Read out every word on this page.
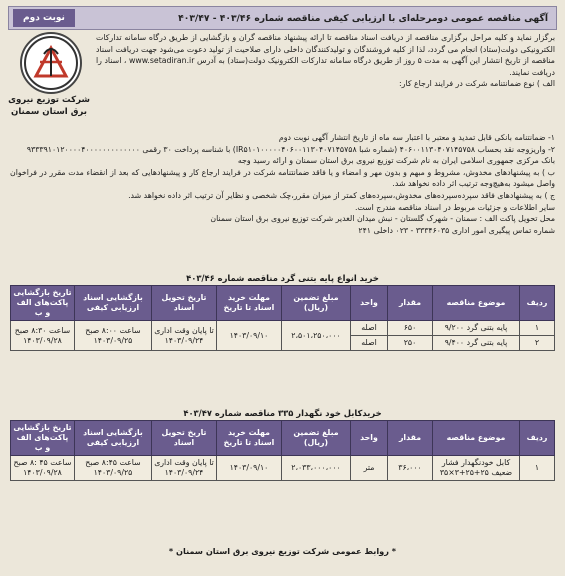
آگهی مناقصه عمومی دومرحله‌ای با ارزیابی کیفی مناقصه شماره ۴۰۳/۴۶ - ۴۰۳/۴۷
نوبت دوم
شرکت توزیع نیروی برق استان سمنان

برگزار نماید و کلیه مراحل برگزاری مناقصه از دریافت اسناد مناقصه تا ارائه پیشنهاد مناقصه گران و بازگشایی از طریق درگاه سامانه تدارکات الکترونیکی دولت(ستاد) انجام می گردد، لذا از کلیه فروشندگان و تولیدکنندگان داخلی دارای صلاحیت از تولید دعوت می‌شود جهت دریافت اسناد مناقصه از تاریخ انتشار این آگهی به مدت ۵ روز از طریق درگاه سامانه تدارکات الکترونیک دولت(ستاد) به آدرس www.setadiran.ir ، اسناد را دریافت نمایند.

الف ) نوع ضمانتنامه شرکت در فرایند ارجاع کار:

۱- ضمانتنامه بانکی قابل تمدید و معتبر با اعتبار سه ماه از تاریخ انتشار آگهی نوبت دوم

۲- واریزوجه نقد بحساب ۴۰۶۰۰۱۱۳۰۴۰۷۱۴۵۷۵۸ (شماره شبا IR۵۱۰۱۰۰۰۰۰۴۰۶۰۰۱۱۳۰۴۰۷۱۴۵۷۵۸) با شناسه پرداخت ۳۰ رقمی ۹۳۳۳۹۱۰۱۲۰۰۰۰۴۰۰۰۰۰۰۰۰۰۰۰۰۰

بانک مرکزی جمهوری اسلامی ایران به نام شرکت توزیع نیروی برق استان سمنان و ارائه رسید وجه

ب ) به پیشنهادهای مخدوش، مشروط و مبهم و بدون مهر و امضاء و یا فاقد ضمانتنامه شرکت در فرایند ارجاع کار و پیشنهادهایی که بعد از انقضاء مدت مقرر در فراخوان واصل میشود به‌هیچ‌وجه ترتیب اثر داده نخواهد شد.

ج ) به پیشنهادهای فاقد سپرده‌سپرده‌های مخدوش،سپرده‌های کمتر از میزان مقرر،چک شخصی و نظایر آن ترتیب اثر داده نخواهد شد.

سایر اطلاعات و جزئیات مربوط در اسناد مناقصه مندرج است.

محل تحویل پاکت الف : سمنان - شهرک گلستان - نبش میدان الغدیر شرکت توزیع نیروی برق استان سمنان

شماره تماس پیگیری امور اداری ۳۳۳۴۶۰۳۵ - ۰۲۳ داخلی ۲۴۱

خرید انواع پایه بتنی گرد مناقصه شماره ۴۰۳/۴۶
ردیف	موضوع مناقصه	مقدار	واحد	مبلغ تضمین (ریال)	مهلت خرید اسناد تا تاریخ	تاریخ تحویل اسناد	بازگشایی اسناد ارزیابی کیفی	تاریخ بازگشایی پاکت‌های الف و ب
۱	پایه بتنی گرد ۹/۲۰۰	۶۵۰	اصله	۲،۵۰۱،۲۵۰،۰۰۰	۱۴۰۳/۰۹/۱۰	تا پایان وقت اداری ۱۴۰۳/۰۹/۲۴	ساعت ۸:۰۰ صبح ۱۴۰۳/۰۹/۲۵	ساعت ۸:۳۰ صبح ۱۴۰۳/۰۹/۲۸
۲	پایه بتنی گرد ۹/۴۰۰	۲۵۰	اصله					
خریدکابل خود نگهدار ۳۳۵ مناقصه شماره ۴۰۳/۴۷
ردیف	موضوع مناقصه	مقدار	واحد	مبلغ تضمین (ریال)	مهلت خرید اسناد تا تاریخ	تاریخ تحویل اسناد	بازگشایی اسناد ارزیابی کیفی	تاریخ بازگشایی پاکت‌های الف و ب
۱	کابل خودنگهدار فشار ضعیف ۲۵+۲۵+۳×۳۵	۳۶،۰۰۰	متر	۲،۰۳۳،۰۰۰،۰۰۰	۱۴۰۳/۰۹/۱۰	تا پایان وقت اداری ۱۴۰۳/۰۹/۲۴	ساعت ۸:۴۵ صبح ۱۴۰۳/۰۹/۲۵	ساعت ۴۵ :۸ صبح ۱۴۰۳/۰۹/۲۸
* روابط عمومی شرکت توزیع نیروی برق استان سمنان *
